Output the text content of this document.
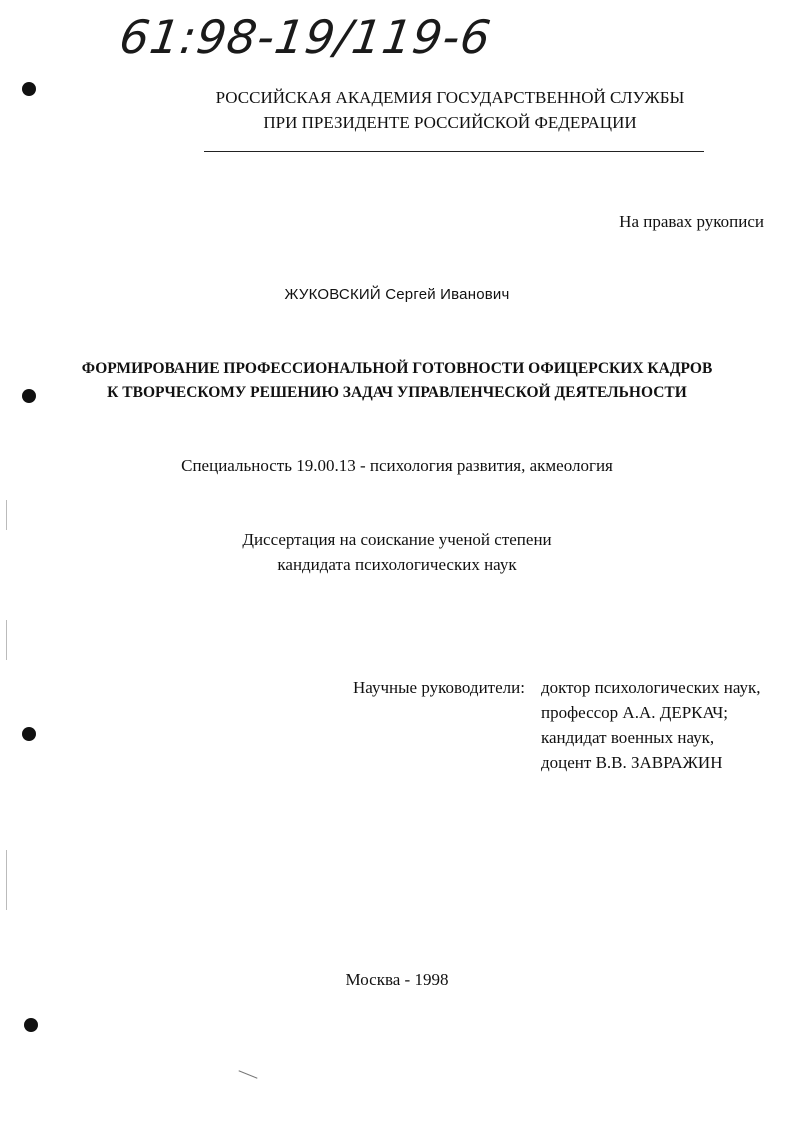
61:98-19/119-6
РОССИЙСКАЯ АКАДЕМИЯ ГОСУДАРСТВЕННОЙ СЛУЖБЫ
ПРИ ПРЕЗИДЕНТЕ РОССИЙСКОЙ ФЕДЕРАЦИИ
На правах рукописи
ЖУКОВСКИЙ Сергей Иванович
ФОРМИРОВАНИЕ ПРОФЕССИОНАЛЬНОЙ ГОТОВНОСТИ ОФИЦЕРСКИХ КАДРОВ
К ТВОРЧЕСКОМУ РЕШЕНИЮ ЗАДАЧ УПРАВЛЕНЧЕСКОЙ ДЕЯТЕЛЬНОСТИ
Специальность 19.00.13 - психология развития, акмеология
Диссертация на соискание ученой степени
кандидата психологических наук
Научные руководители: доктор психологических наук,
профессор А.А. ДЕРКАЧ;
кандидат военных наук,
доцент В.В. ЗАВРАЖИН
Москва - 1998
